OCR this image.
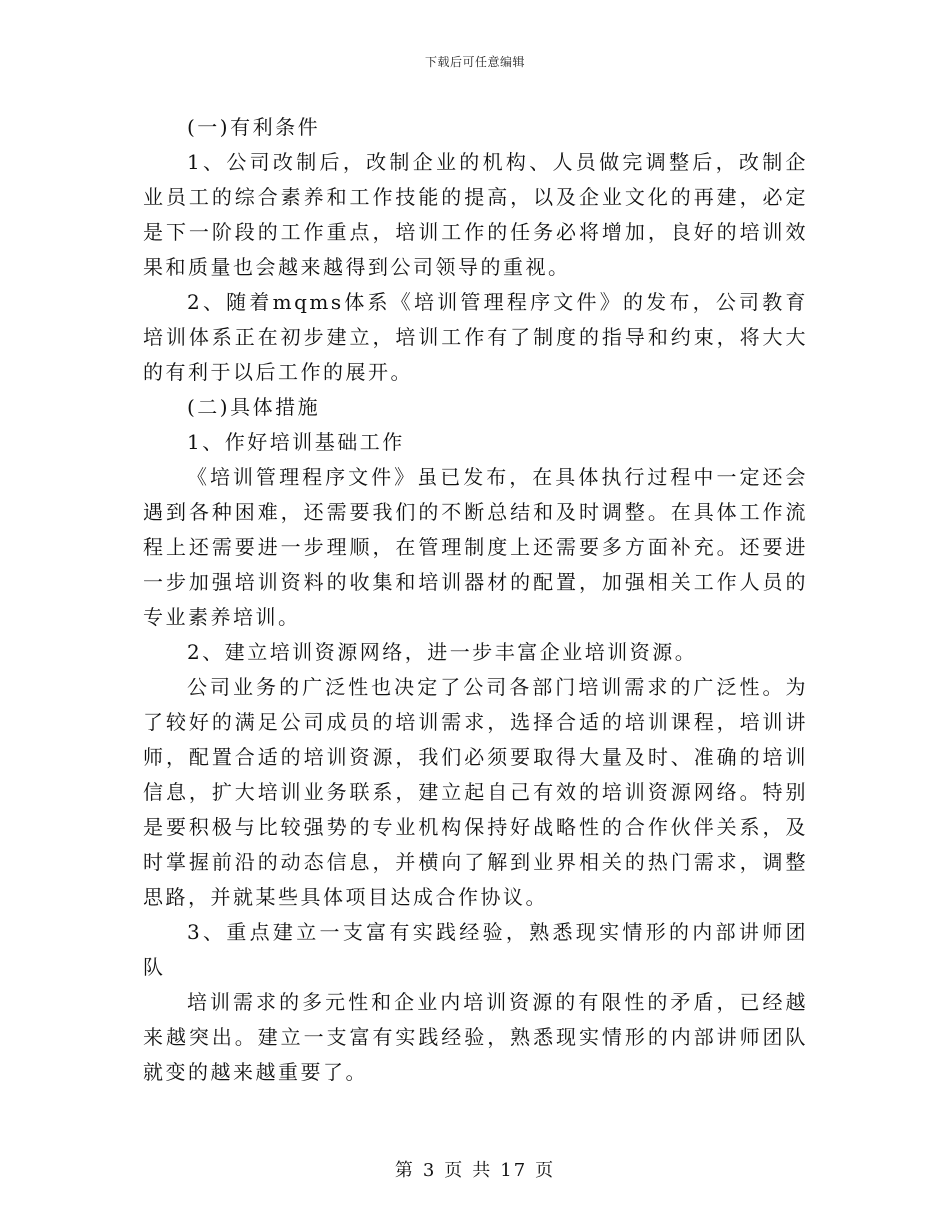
下载后可任意编辑

(一)有利条件

1、公司改制后，改制企业的机构、人员做完调整后，改制企业员工的综合素养和工作技能的提高，以及企业文化的再建，必定是下一阶段的工作重点，培训工作的任务必将增加，良好的培训效果和质量也会越来越得到公司领导的重视。

2、随着mqms体系《培训管理程序文件》的发布，公司教育培训体系正在初步建立，培训工作有了制度的指导和约束，将大大的有利于以后工作的展开。

(二)具体措施

1、作好培训基础工作

《培训管理程序文件》虽已发布，在具体执行过程中一定还会遇到各种困难，还需要我们的不断总结和及时调整。在具体工作流程上还需要进一步理顺，在管理制度上还需要多方面补充。还要进一步加强培训资料的收集和培训器材的配置，加强相关工作人员的专业素养培训。

2、建立培训资源网络，进一步丰富企业培训资源。

公司业务的广泛性也决定了公司各部门培训需求的广泛性。为了较好的满足公司成员的培训需求，选择合适的培训课程，培训讲师，配置合适的培训资源，我们必须要取得大量及时、准确的培训信息，扩大培训业务联系，建立起自己有效的培训资源网络。特别是要积极与比较强势的专业机构保持好战略性的合作伙伴关系，及时掌握前沿的动态信息，并横向了解到业界相关的热门需求，调整思路，并就某些具体项目达成合作协议。

3、重点建立一支富有实践经验，熟悉现实情形的内部讲师团队

培训需求的多元性和企业内培训资源的有限性的矛盾，已经越来越突出。建立一支富有实践经验，熟悉现实情形的内部讲师团队就变的越来越重要了。

第 3 页 共 17 页
